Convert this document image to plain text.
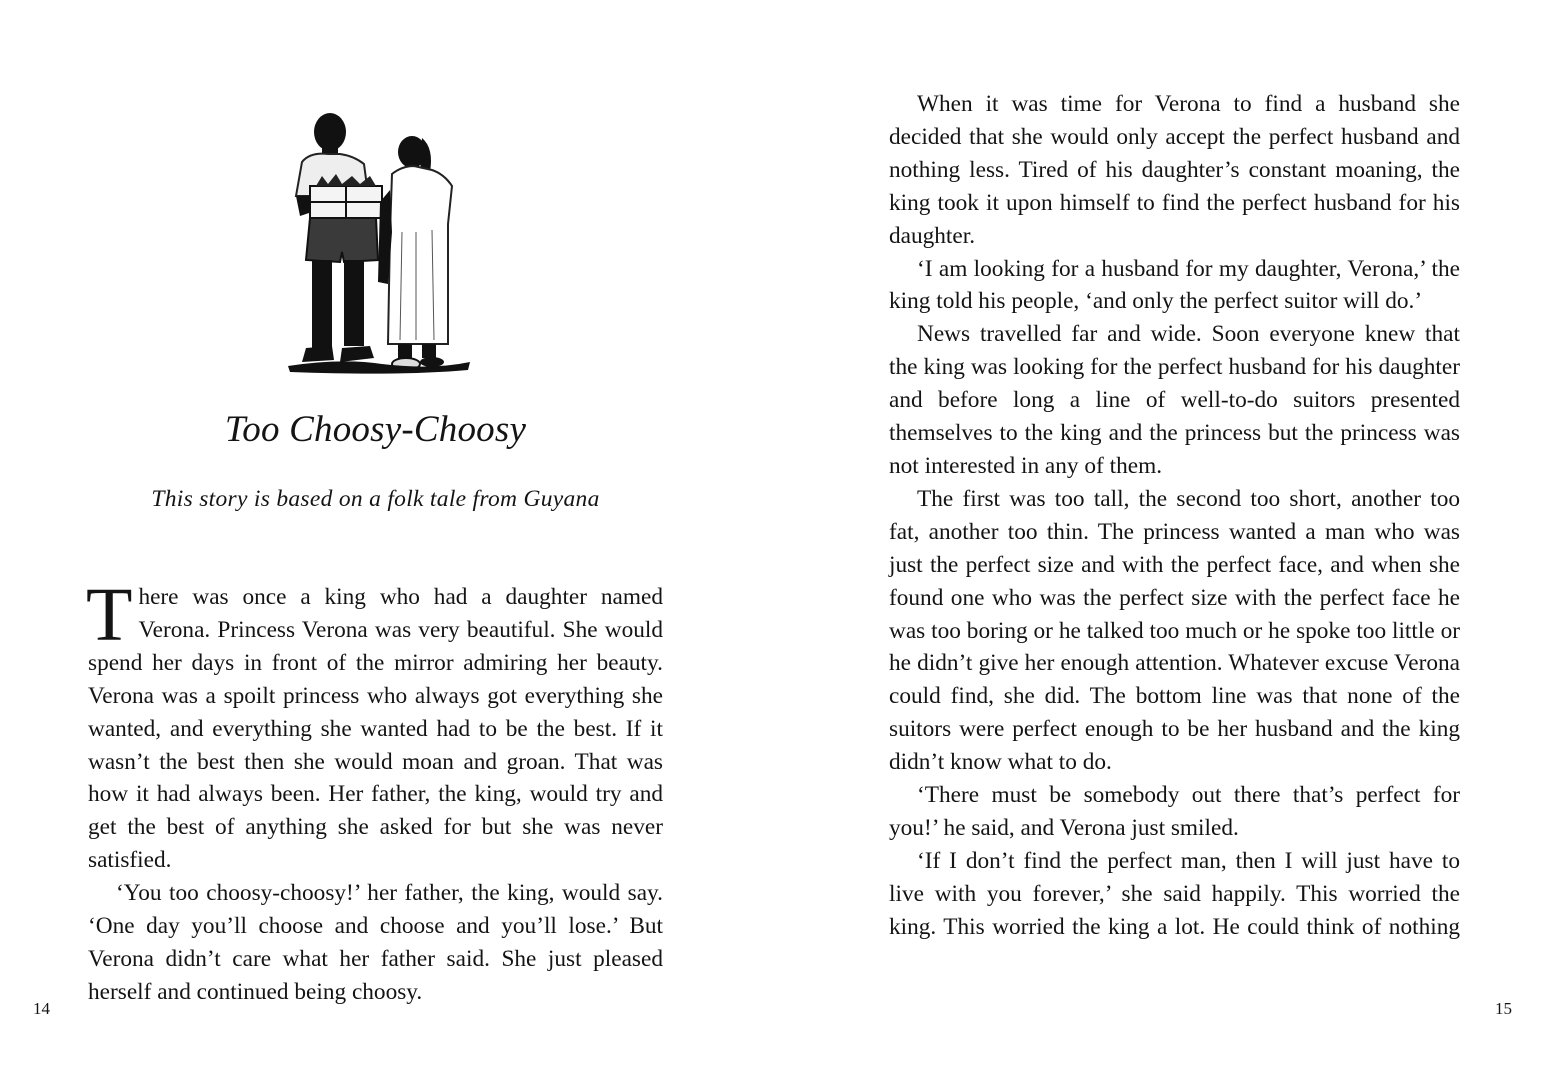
Too Choosy-Choosy

This story is based on a folk tale from Guyana

There was once a king who had a daughter named Verona. Princess Verona was very beautiful. She would spend her days in front of the mirror admiring her beauty. Verona was a spoilt princess who always got everything she wanted, and everything she wanted had to be the best. If it wasn’t the best then she would moan and groan. That was how it had always been. Her father, the king, would try and get the best of anything she asked for but she was never satisfied.

‘You too choosy-choosy!’ her father, the king, would say. ‘One day you’ll choose and choose and you’ll lose.’ But Verona didn’t care what her father said. She just pleased herself and continued being choosy.

14

When it was time for Verona to find a husband she decided that she would only accept the perfect husband and nothing less. Tired of his daughter’s constant moaning, the king took it upon himself to find the perfect husband for his daughter.

‘I am looking for a husband for my daughter, Verona,’ the king told his people, ‘and only the perfect suitor will do.’

News travelled far and wide. Soon everyone knew that the king was looking for the perfect husband for his daughter and before long a line of well-to-do suitors presented themselves to the king and the princess but the princess was not interested in any of them.

The first was too tall, the second too short, another too fat, another too thin. The princess wanted a man who was just the perfect size and with the perfect face, and when she found one who was the perfect size with the perfect face he was too boring or he talked too much or he spoke too little or he didn’t give her enough attention. Whatever excuse Verona could find, she did. The bottom line was that none of the suitors were perfect enough to be her husband and the king didn’t know what to do.

‘There must be somebody out there that’s perfect for you!’ he said, and Verona just smiled.

‘If I don’t find the perfect man, then I will just have to live with you forever,’ she said happily. This worried the king. This worried the king a lot. He could think of nothing

15
